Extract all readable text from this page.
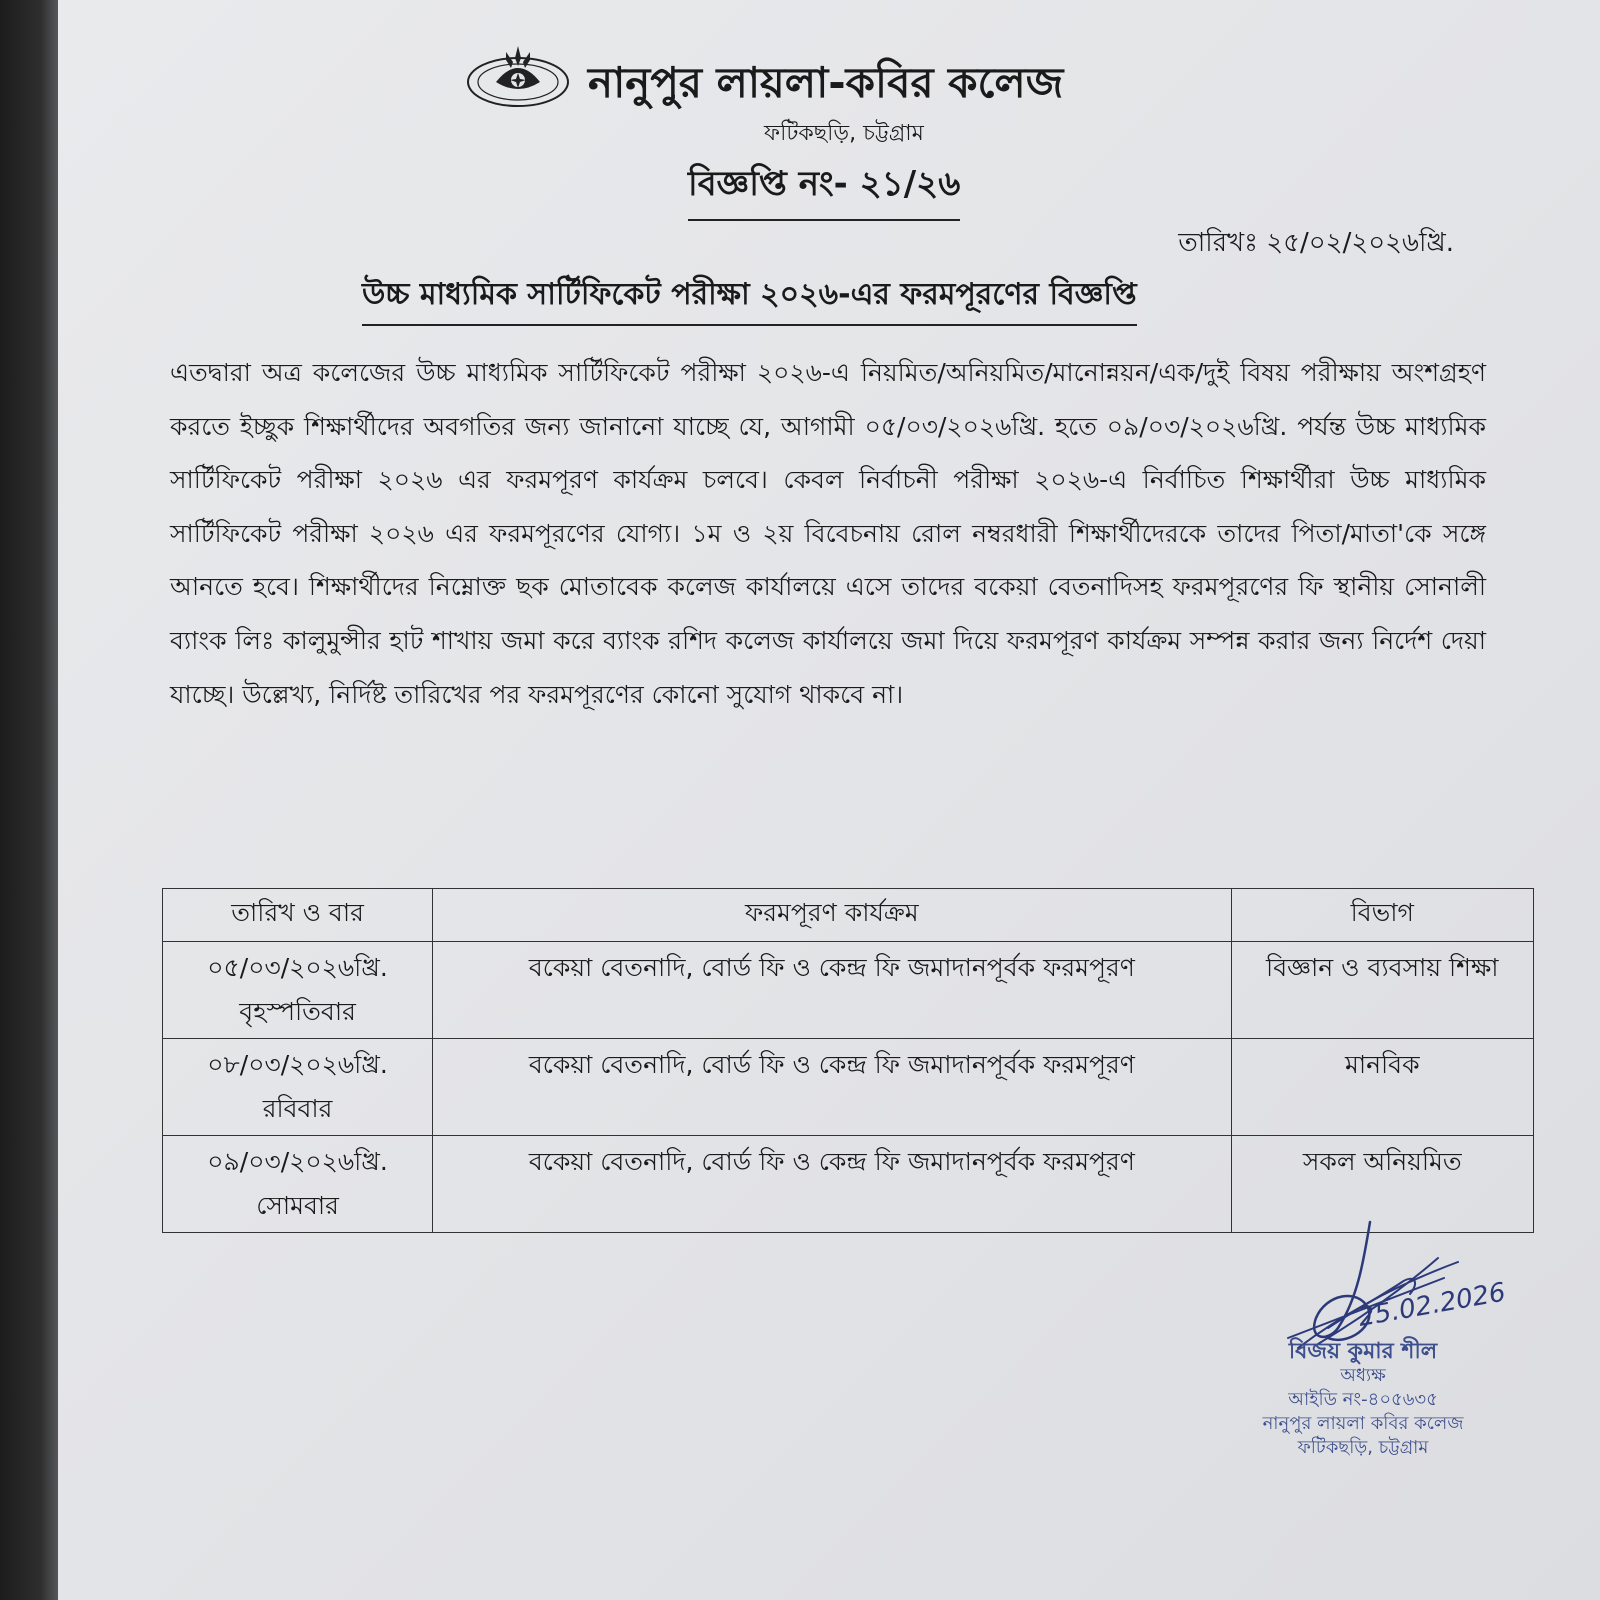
নানুপুর লায়লা-কবির কলেজ
ফটিকছড়ি, চট্টগ্রাম
বিজ্ঞপ্তি নং- ২১/২৬
তারিখঃ ২৫/০২/২০২৬খ্রি.
উচ্চ মাধ্যমিক সার্টিফিকেট পরীক্ষা ২০২৬-এর ফরমপূরণের বিজ্ঞপ্তি
এতদ্বারা অত্র কলেজের উচ্চ মাধ্যমিক সার্টিফিকেট পরীক্ষা ২০২৬-এ নিয়মিত/অনিয়মিত/মানোন্নয়ন/এক/দুই বিষয় পরীক্ষায় অংশগ্রহণ করতে ইচ্ছুক শিক্ষার্থীদের অবগতির জন্য জানানো যাচ্ছে যে, আগামী ০৫/০৩/২০২৬খ্রি. হতে ০৯/০৩/২০২৬খ্রি. পর্যন্ত উচ্চ মাধ্যমিক সার্টিফিকেট পরীক্ষা ২০২৬ এর ফরমপূরণ কার্যক্রম চলবে। কেবল নির্বাচনী পরীক্ষা ২০২৬-এ নির্বাচিত শিক্ষার্থীরা উচ্চ মাধ্যমিক সার্টিফিকেট পরীক্ষা ২০২৬ এর ফরমপূরণের যোগ্য। ১ম ও ২য় বিবেচনায় রোল নম্বরধারী শিক্ষার্থীদেরকে তাদের পিতা/মাতা'কে সঙ্গে আনতে হবে। শিক্ষার্থীদের নিম্নোক্ত ছক মোতাবেক কলেজ কার্যালয়ে এসে তাদের বকেয়া বেতনাদিসহ ফরমপূরণের ফি স্থানীয় সোনালী ব্যাংক লিঃ কালুমুন্সীর হাট শাখায় জমা করে ব্যাংক রশিদ কলেজ কার্যালয়ে জমা দিয়ে ফরমপূরণ কার্যক্রম সম্পন্ন করার জন্য নির্দেশ দেয়া যাচ্ছে। উল্লেখ্য, নির্দিষ্ট তারিখের পর ফরমপূরণের কোনো সুযোগ থাকবে না।
তারিখ ও বার	ফরমপূরণ কার্যক্রম	বিভাগ

০৫/০৩/২০২৬খ্রি.
বৃহস্পতিবার	বকেয়া বেতনাদি, বোর্ড ফি ও কেন্দ্র ফি জমাদানপূর্বক ফরমপূরণ	বিজ্ঞান ও ব্যবসায় শিক্ষা

০৮/০৩/২০২৬খ্রি.
রবিবার	বকেয়া বেতনাদি, বোর্ড ফি ও কেন্দ্র ফি জমাদানপূর্বক ফরমপূরণ	মানবিক

০৯/০৩/২০২৬খ্রি.
সোমবার	বকেয়া বেতনাদি, বোর্ড ফি ও কেন্দ্র ফি জমাদানপূর্বক ফরমপূরণ	সকল অনিয়মিত
25.02.2026
বিজয় কুমার শীল
অধ্যক্ষ
আইডি নং-৪০৫৬৩৫
নানুপুর লায়লা কবির কলেজ
ফটিকছড়ি, চট্টগ্রাম
